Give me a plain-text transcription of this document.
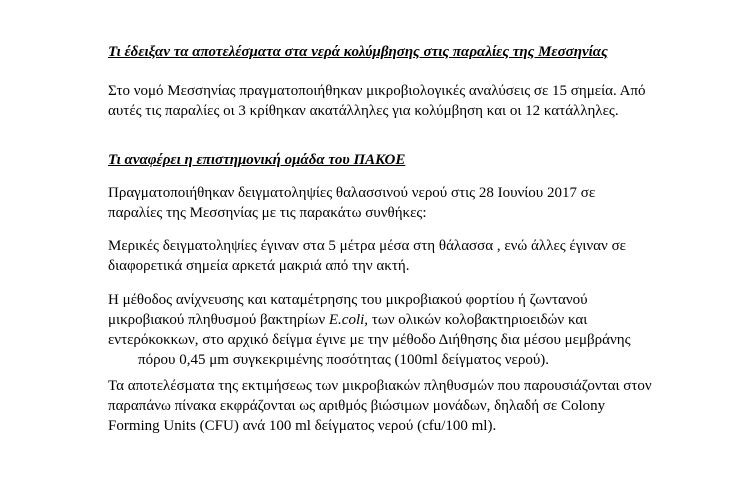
Τι έδειξαν τα αποτελέσματα στα νερά κολύμβησης στις παραλίες της Μεσσηνίας
Στο νομό Μεσσηνίας πραγματοποιήθηκαν μικροβιολογικές αναλύσεις σε 15 σημεία. Από
αυτές τις παραλίες οι 3 κρίθηκαν ακατάλληλες για κολύμβηση και οι 12 κατάλληλες.
Τι αναφέρει η επιστημονική ομάδα του ΠΑΚΟΕ
Πραγματοποιήθηκαν δειγματοληψίες θαλασσινού νερού στις 28 Ιουνίου 2017 σε
παραλίες της Μεσσηνίας με τις παρακάτω συνθήκες:
Μερικές δειγματοληψίες έγιναν στα 5 μέτρα μέσα στη θάλασσα , ενώ άλλες έγιναν σε
διαφορετικά σημεία αρκετά μακριά από την ακτή.
Η μέθοδος ανίχνευσης και καταμέτρησης του μικροβιακού φορτίου ή ζωντανού
μικροβιακού πληθυσμού βακτηρίων E.coli, των ολικών κολοβακτηριοειδών και
εντερόκοκκων, στο αρχικό δείγμα έγινε με την μέθοδο Διήθησης δια μέσου μεμβράνης
πόρου 0,45 μm συγκεκριμένης ποσότητας (100ml δείγματος νερού).
Τα αποτελέσματα της εκτιμήσεως των μικροβιακών πληθυσμών που παρουσιάζονται στον
παραπάνω πίνακα εκφράζονται ως αριθμός βιώσιμων μονάδων, δηλαδή σε Colony
Forming Units (CFU) ανά 100 ml δείγματος νερού (cfu/100 ml).
